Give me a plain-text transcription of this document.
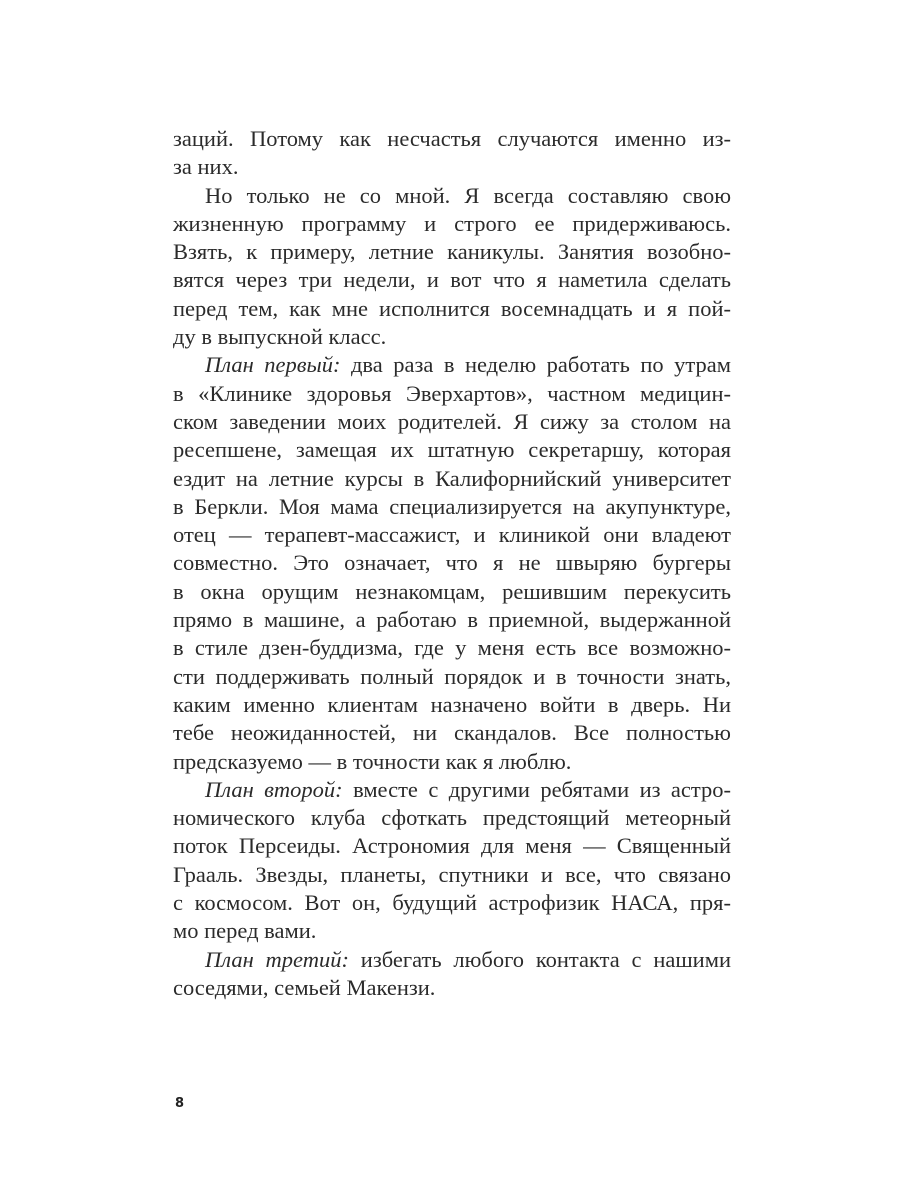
заций. Потому как несчастья случаются именно из-
за них.
Но только не со мной. Я всегда составляю свою
жизненную программу и строго ее придерживаюсь.
Взять, к примеру, летние каникулы. Занятия возобно-
вятся через три недели, и вот что я наметила сделать
перед тем, как мне исполнится восемнадцать и я пой-
ду в выпускной класс.
План первый: два раза в неделю работать по утрам
в «Клинике здоровья Эверхартов», частном медицин-
ском заведении моих родителей. Я сижу за столом на
ресепшене, замещая их штатную секретаршу, которая
ездит на летние курсы в Калифорнийский университет
в Беркли. Моя мама специализируется на акупунктуре,
отец — терапевт-массажист, и клиникой они владеют
совместно. Это означает, что я не швыряю бургеры
в окна орущим незнакомцам, решившим перекусить
прямо в машине, а работаю в приемной, выдержанной
в стиле дзен-буддизма, где у меня есть все возможно-
сти поддерживать полный порядок и в точности знать,
каким именно клиентам назначено войти в дверь. Ни
тебе неожиданностей, ни скандалов. Все полностью
предсказуемо — в точности как я люблю.
План второй: вместе с другими ребятами из астро-
номического клуба сфоткать предстоящий метеорный
поток Персеиды. Астрономия для меня — Священный
Грааль. Звезды, планеты, спутники и все, что связано
с космосом. Вот он, будущий астрофизик НАСА, пря-
мо перед вами.
План третий: избегать любого контакта с нашими
соседями, семьей Макензи.
8
